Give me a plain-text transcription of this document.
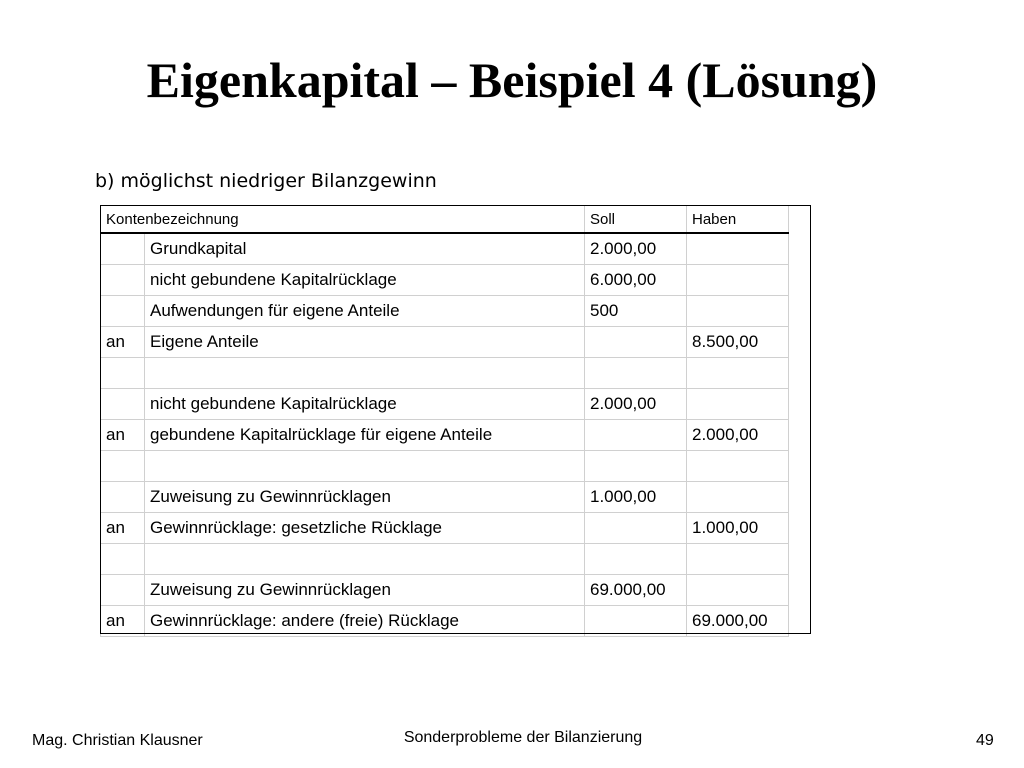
Eigenkapital – Beispiel 4 (Lösung)
b) möglichst niedriger Bilanzgewinn
Kontenbezeichnung		Soll	Haben
	Grundkapital	2.000,00	
	nicht gebundene Kapitalrücklage	6.000,00	
	Aufwendungen für eigene Anteile	500	
an	Eigene Anteile		8.500,00

	nicht gebundene Kapitalrücklage	2.000,00	
an	gebundene Kapitalrücklage für eigene Anteile		2.000,00

	Zuweisung zu Gewinnrücklagen	1.000,00	
an	Gewinnrücklage: gesetzliche Rücklage		1.000,00

	Zuweisung zu Gewinnrücklagen	69.000,00	
an	Gewinnrücklage: andere (freie) Rücklage		69.000,00
Mag. Christian Klausner	Sonderprobleme der Bilanzierung	49
